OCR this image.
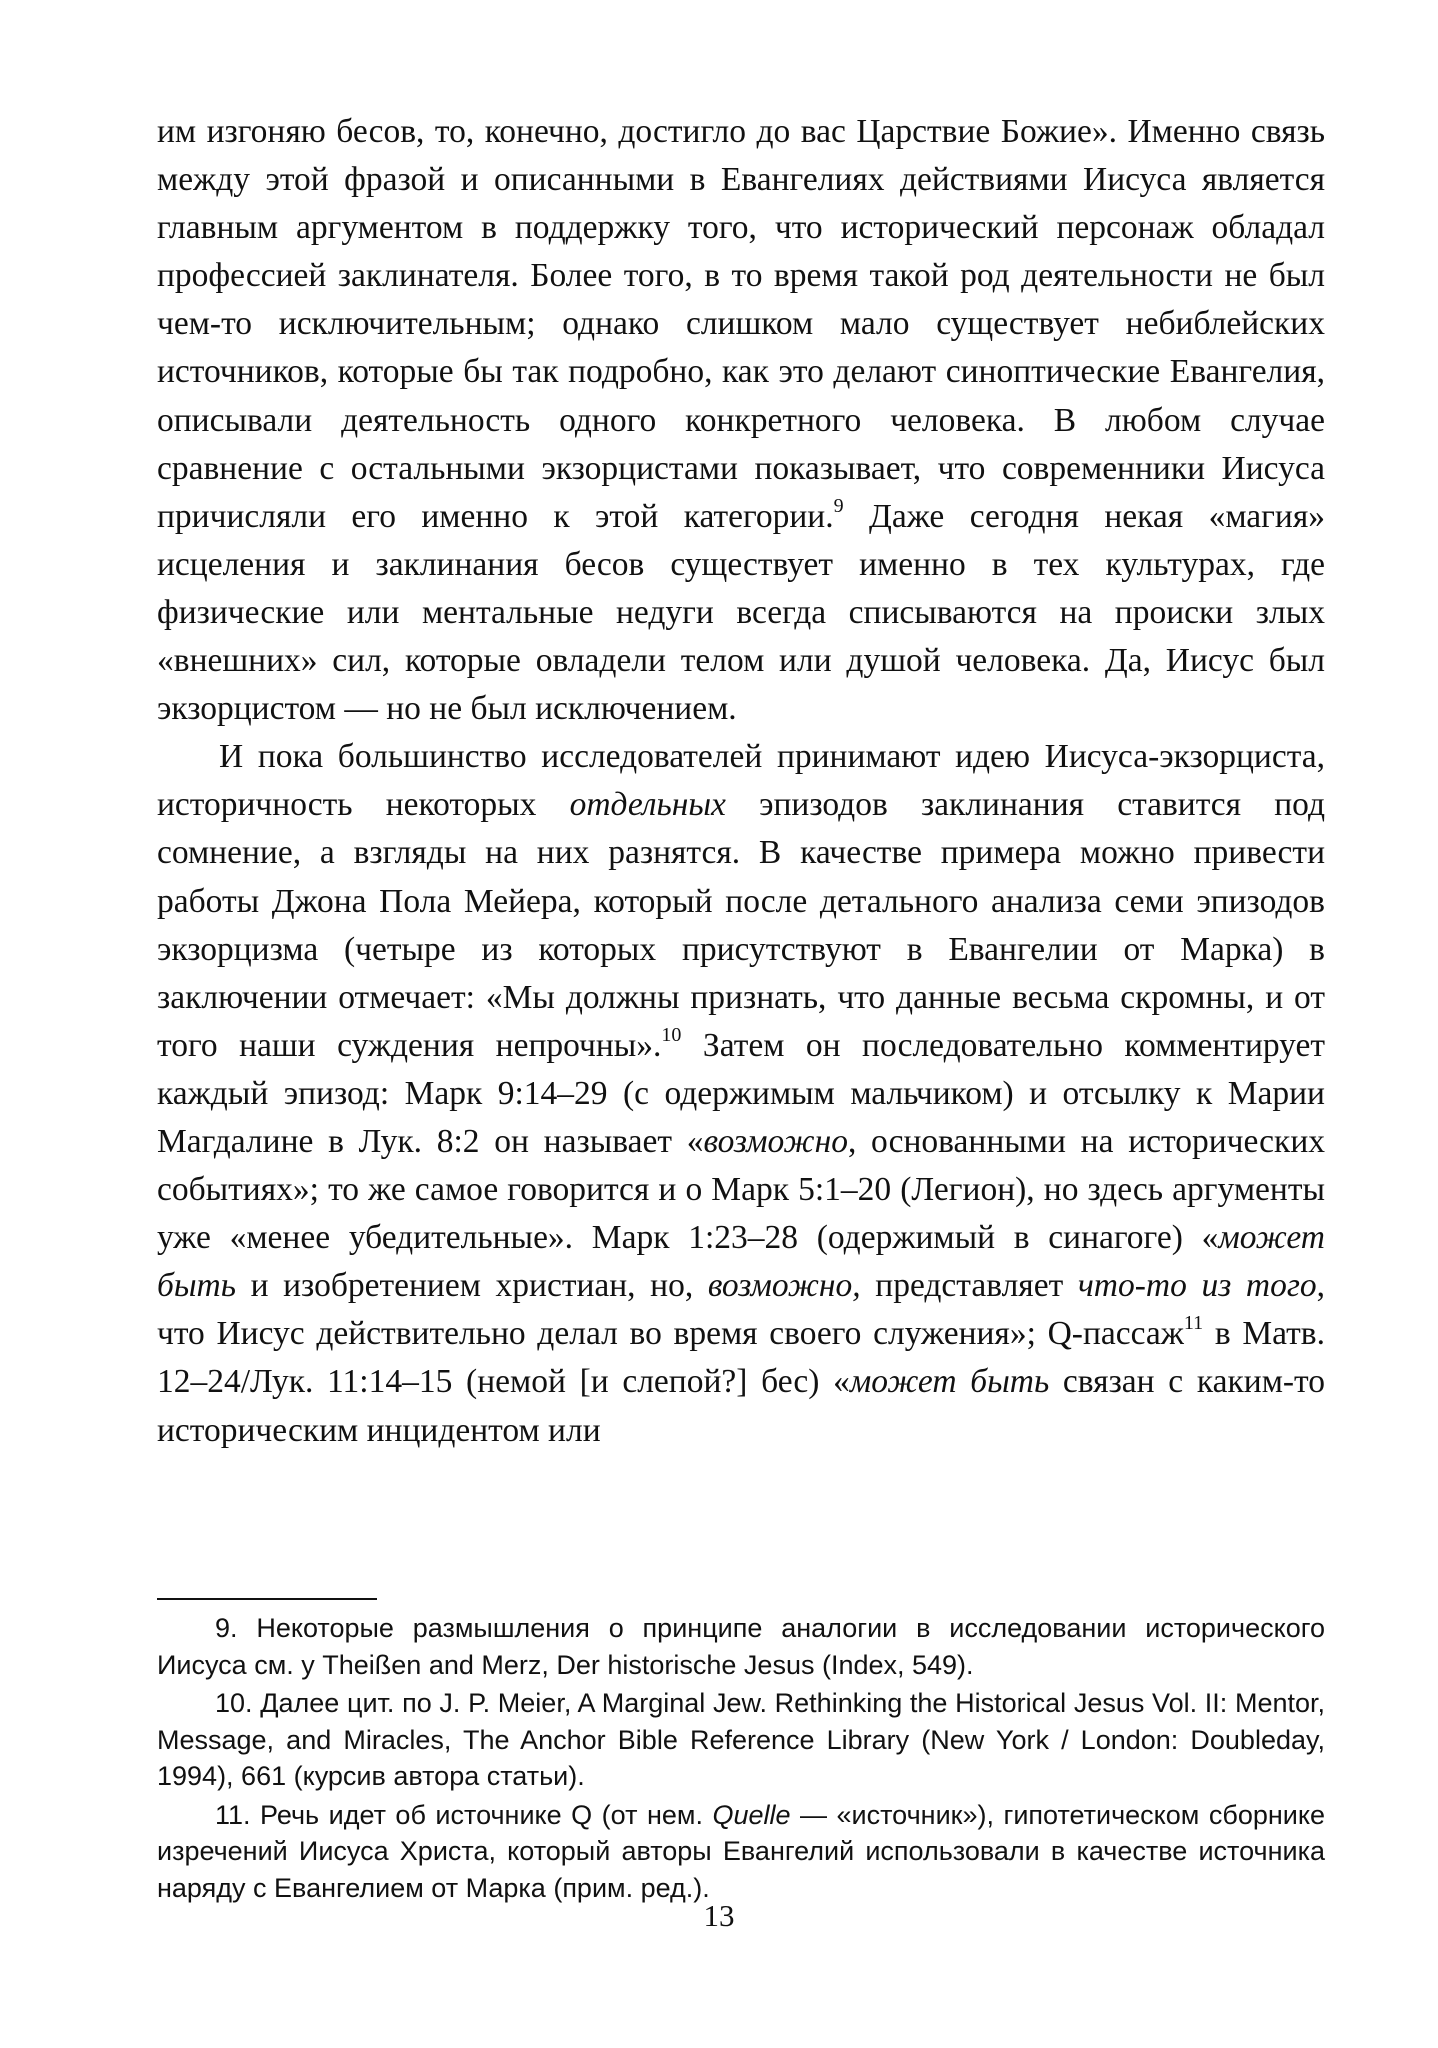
им изгоняю бесов, то, конечно, достигло до вас Царствие Божие». Именно связь между этой фразой и описанными в Евангелиях действиями Иисуса является главным аргументом в поддержку того, что исторический персонаж обладал профессией заклинателя. Более того, в то время такой род деятельности не был чем-то исключительным; однако слишком мало существует небиблейских источников, которые бы так подробно, как это делают синоптические Евангелия, описывали деятельность одного конкретного человека. В любом случае сравнение с остальными экзорцистами показывает, что современники Иисуса причисляли его именно к этой категории.$^9$ Даже сегодня некая «магия» исцеления и заклинания бесов существует именно в тех культурах, где физические или ментальные недуги всегда списываются на происки злых «внешних» сил, которые овладели телом или душой человека. Да, Иисус был экзорцистом — но не был исключением.

И пока большинство исследователей принимают идею Иисуса-экзорциста, историчность некоторых отдельных эпизодов заклинания ставится под сомнение, а взгляды на них разнятся. В качестве примера можно привести работы Джона Пола Мейера, который после детального анализа семи эпизодов экзорцизма (четыре из которых присутствуют в Евангелии от Марка) в заключении отмечает: «Мы должны признать, что данные весьма скромны, и от того наши суждения непрочны».$^{10}$ Затем он последовательно комментирует каждый эпизод: Марк 9:14–29 (с одержимым мальчиком) и отсылку к Марии Магдалине в Лук. 8:2 он называет «возможно, основанными на исторических событиях»; то же самое говорится и о Марк 5:1–20 (Легион), но здесь аргументы уже «менее убедительные». Марк 1:23–28 (одержимый в синагоге) «может быть и изобретением христиан, но, возможно, представляет что-то из того, что Иисус действительно делал во время своего служения»; Q-пассаж$^{11}$ в Матв. 12–24/Лук. 11:14–15 (немой [и слепой?] бес) «может быть связан с каким-то историческим инцидентом или

9. Некоторые размышления о принципе аналогии в исследовании исторического Иисуса см. у Theißen and Merz, Der historische Jesus (Index, 549).

10. Далее цит. по J. P. Meier, A Marginal Jew. Rethinking the Historical Jesus Vol. II: Mentor, Message, and Miracles, The Anchor Bible Reference Library (New York / London: Doubleday, 1994), 661 (курсив автора статьи).

11. Речь идет об источнике Q (от нем. Quelle — «источник»), гипотетическом сборнике изречений Иисуса Христа, который авторы Евангелий использовали в качестве источника наряду с Евангелием от Марка (прим. ред.).

13
